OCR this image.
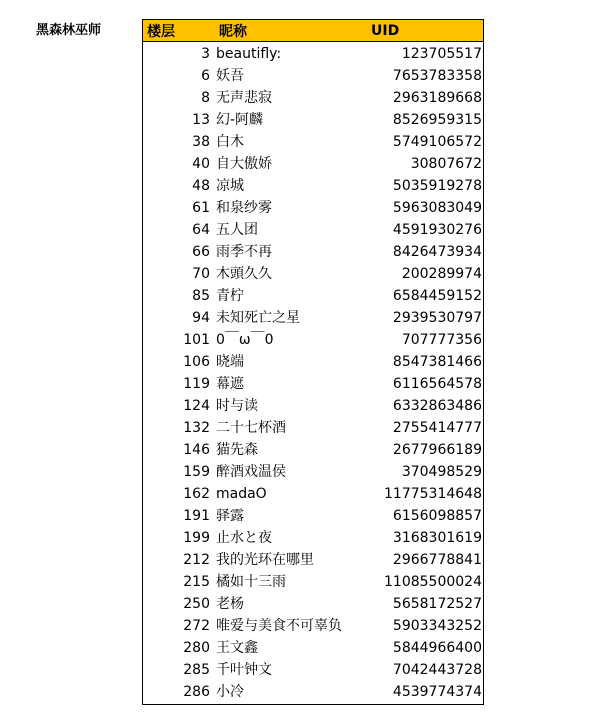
黑森林巫师	楼层	昵称	UID
3 beautifly:	123705517
6 妖吾	7653783358
8 无声悲寂	2963189668
13 幻-阿麟	8526959315
38 白木	5749106572
40 自大傲娇	30807672
48 凉城	5035919278
61 和泉纱雾	5963083049
64 五人团	4591930276
66 雨季不再	8426473934
70 木頭久久	200289974
85 青柠	6584459152
94 未知死亡之星	2939530797
101 0￣ω￣0	707777356
106 晓端	8547381466
119 幕遮	6116564578
124 时与读	6332863486
132 二十七杯酒	2755414777
146 猫先森	2677966189
159 醉酒戏温侯	370498529
162 madaO	11775314648
191 驿露	6156098857
199 止水と夜	3168301619
212 我的光环在哪里	2966778841
215 橘如十三雨	11085500024
250 老杨	5658172527
272 唯爱与美食不可辜负	5903343252
280 王文鑫	5844966400
285 千叶钟文	7042443728
286 小冷	4539774374
